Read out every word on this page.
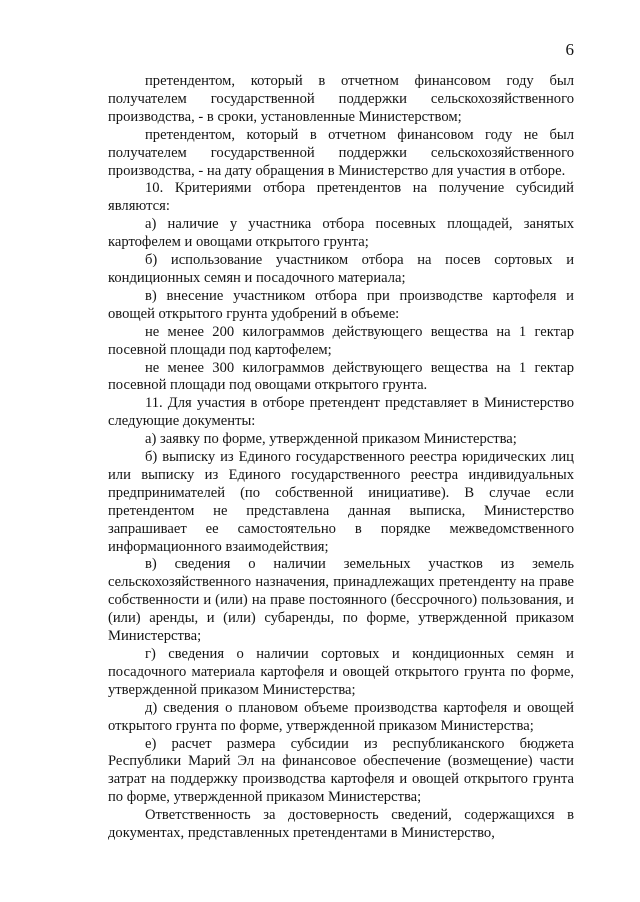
6

претендентом, который в отчетном финансовом году был получателем государственной поддержки сельскохозяйственного производства, - в сроки, установленные Министерством;

претендентом, который в отчетном финансовом году не был получателем государственной поддержки сельскохозяйственного производства, - на дату обращения в Министерство для участия в отборе.

10. Критериями отбора претендентов на получение субсидий являются:

а) наличие у участника отбора посевных площадей, занятых картофелем и овощами открытого грунта;

б) использование участником отбора на посев сортовых и кондиционных семян и посадочного материала;

в) внесение участником отбора при производстве картофеля и овощей открытого грунта удобрений в объеме:

не менее 200 килограммов действующего вещества на 1 гектар посевной площади под картофелем;

не менее 300 килограммов действующего вещества на 1 гектар посевной площади под овощами открытого грунта.

11. Для участия в отборе претендент представляет в Министерство следующие документы:

а) заявку по форме, утвержденной приказом Министерства;

б) выписку из Единого государственного реестра юридических лиц или выписку из Единого государственного реестра индивидуальных предпринимателей (по собственной инициативе). В случае если претендентом не представлена данная выписка, Министерство запрашивает ее самостоятельно в порядке межведомственного информационного взаимодействия;

в) сведения о наличии земельных участков из земель сельскохозяйственного назначения, принадлежащих претенденту на праве собственности и (или) на праве постоянного (бессрочного) пользования, и (или) аренды, и (или) субаренды, по форме, утвержденной приказом Министерства;

г) сведения о наличии сортовых и кондиционных семян и посадочного материала картофеля и овощей открытого грунта по форме, утвержденной приказом Министерства;

д) сведения о плановом объеме производства картофеля и овощей открытого грунта по форме, утвержденной приказом Министерства;

е) расчет размера субсидии из республиканского бюджета Республики Марий Эл на финансовое обеспечение (возмещение) части затрат на поддержку производства картофеля и овощей открытого грунта по форме, утвержденной приказом Министерства;

Ответственность за достоверность сведений, содержащихся в документах, представленных претендентами в Министерство,
